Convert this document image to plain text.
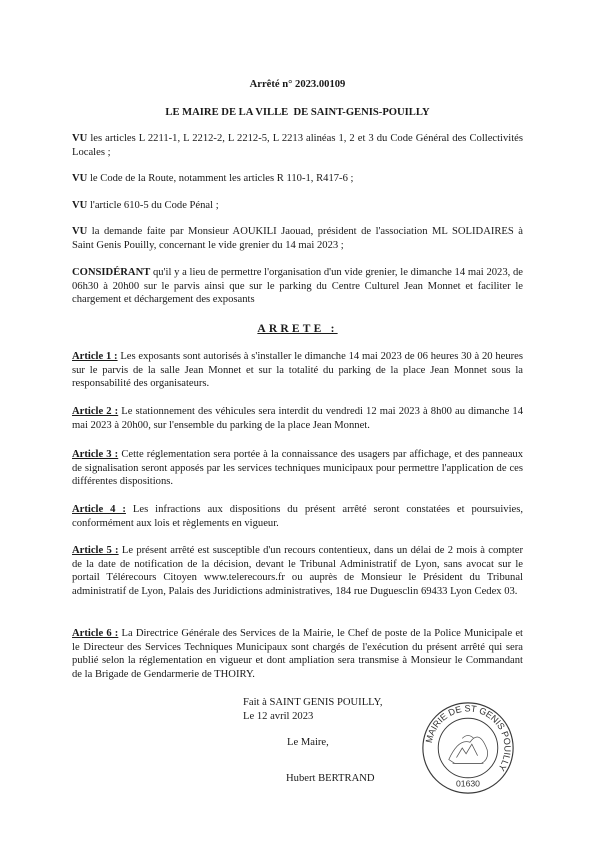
Arrêté n° 2023.00109
LE MAIRE DE LA VILLE  DE SAINT-GENIS-POUILLY

VU les articles L 2211-1, L 2212-2, L 2212-5, L 2213 alinéas 1, 2 et 3 du Code Général des Collectivités Locales ;

VU le Code de la Route, notamment les articles R 110-1, R417-6 ;

VU l'article 610-5 du Code Pénal ;

VU la demande faite par Monsieur AOUKILI Jaouad, président de l'association ML SOLIDAIRES à Saint Genis Pouilly, concernant le vide grenier du 14 mai 2023 ;

CONSIDÉRANT qu'il y a lieu de permettre l'organisation d'un vide grenier, le dimanche 14 mai 2023, de 06h30 à 20h00 sur le parvis ainsi que sur le parking du Centre Culturel Jean Monnet et faciliter le chargement et déchargement des exposants

ARRETE :

Article 1 : Les exposants sont autorisés à s'installer le dimanche 14 mai 2023 de 06 heures 30 à 20 heures sur le parvis de la salle Jean Monnet et sur la totalité du parking de la place Jean Monnet sous la responsabilité des organisateurs.

Article 2 : Le stationnement des véhicules sera interdit du vendredi 12 mai 2023 à 8h00 au dimanche 14 mai 2023 à 20h00, sur l'ensemble du parking de la place Jean Monnet.

Article 3 : Cette réglementation sera portée à la connaissance des usagers par affichage, et des panneaux de signalisation seront apposés par les services techniques municipaux pour permettre l'application de ces différentes dispositions.

Article 4 : Les infractions aux dispositions du présent arrêté seront constatées et poursuivies, conformément aux lois et règlements en vigueur.

Article 5 : Le présent arrêté est susceptible d'un recours contentieux, dans un délai de 2 mois à compter de la date de notification de la décision, devant le Tribunal Administratif de Lyon, sans avocat sur le portail Télérecours Citoyen www.telerecours.fr ou auprès de Monsieur le Président du Tribunal administratif de Lyon, Palais des Juridictions administratives, 184 rue Duguesclin 69433 Lyon Cedex 03.

Article 6 : La Directrice Générale des Services de la Mairie, le Chef de poste de la Police Municipale et le Directeur des Services Techniques Municipaux sont chargés de l'exécution du présent arrêté qui sera publié selon la réglementation en vigueur et dont ampliation sera transmise à Monsieur le Commandant de la Brigade de Gendarmerie de THOIRY.

Fait à SAINT GENIS POUILLY,

Le 12 avril 2023

Le Maire,

Hubert BERTRAND

MAIRIE DE ST GENIS POUILLY
01630
